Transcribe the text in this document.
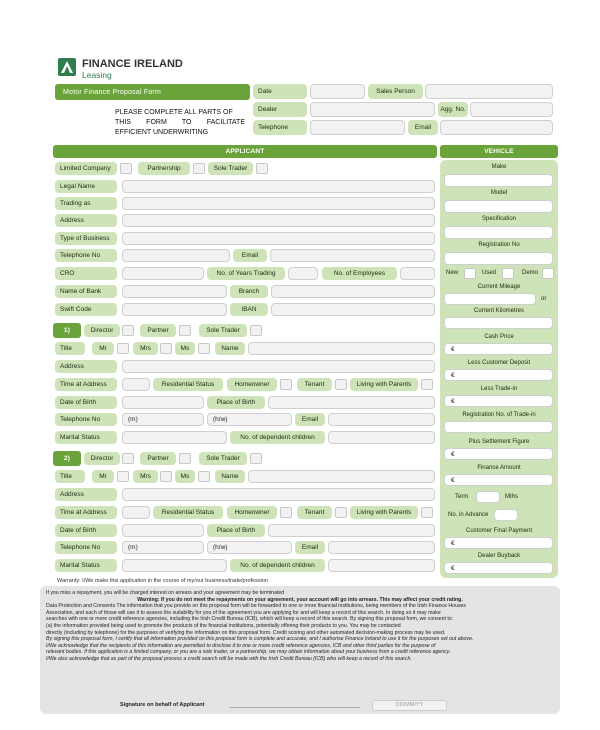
FINANCE IRELAND
Leasing
Motor Finance Proposal Form
PLEASE COMPLETE ALL PARTS OF
THIS FORM TO FACILITATE
EFFICIENT UNDERWRITING
Date	Sales Person
Dealer	Agg. No.
Telephone	Email
APPLICANT
Limited Company	Partnership	Sole Trader
Legal Name
Trading as
Address
Type of Business
Telephone No	Email
CRO	No. of Years Trading	No. of Employees
Name of Bank	Branch
Swift Code	IBAN
1)	Director	Partner	Sole Trader
Title	Mr	Mrs	Ms	Name
Address
Time at Address	Residential Status	Homeowner	Tenant	Living with Parents
Date of Birth	Place of Birth
Telephone No	(m)	(h/w)	Email
Marital Status	No. of dependent children
2)	Director	Partner	Sole Trader
Title	Mr	Mrs	Ms	Name
Address
Time at Address	Residential Status	Homeowner	Tenant	Living with Parents
Date of Birth	Place of Birth
Telephone No	(m)	(h/w)	Email
Marital Status	No. of dependent children
VEHICLE
Make
Model
Specification
Registration No
New	Used	Demo
Current Mileage
or
Current Kilometres
Cash Price
€
Less Customer Deposit
€
Less Trade-in
€
Registration No. of Trade-in
Plus Settlement Figure
€
Finance Amount
€
Term	Mths
No. in Advance
Customer Final Payment
€
Dealer Buyback
€
Warranty: I/We make this application in the course of my/our business/trade/profession
If you miss a repayment, you will be charged interest on arrears and your agreement may be terminated
Warning: If you do not meet the repayments on your agreement, your account will go into arrears. This may affect your credit rating.
Data Protection and Consents The information that you provide on this proposal form will be forwarded to one or more financial institutions, being members of the Irish Finance Houses
Association, and each of those will use it to assess the suitability for you of the agreement you are applying for and will keep a record of this search. In doing so it may make
searches with one or more credit reference agencies, including the Irish Credit Bureau (ICB), which will keep a record of this search. By signing this proposal form, we consent to:
(a) the information provided being used to promote the products of the financial institutions, potentially offering their products to you. You may be contacted
directly (including by telephone) for the purposes of verifying the information on this proposal form. Credit scoring and other automated decision-making process may be used.
By signing this proposal form, I certify that all information provided on this proposal form is complete and accurate, and I authorise Finance Ireland to use it for the purposes set out above.
I/We acknowledge that the recipients of this information are permitted to disclose it to one or more credit reference agencies, ICB and other third parties for the purpose of
relevant bodies. If this application is a limited company, or you are a sole trader, or a partnership, we may obtain information about your business from a credit reference agency.
I/We also acknowledge that as part of the proposal process a credit search will be made with the Irish Credit Bureau (ICB) who will keep a record of this search.
Signature on behalf of Applicant	DD/MM/YY
